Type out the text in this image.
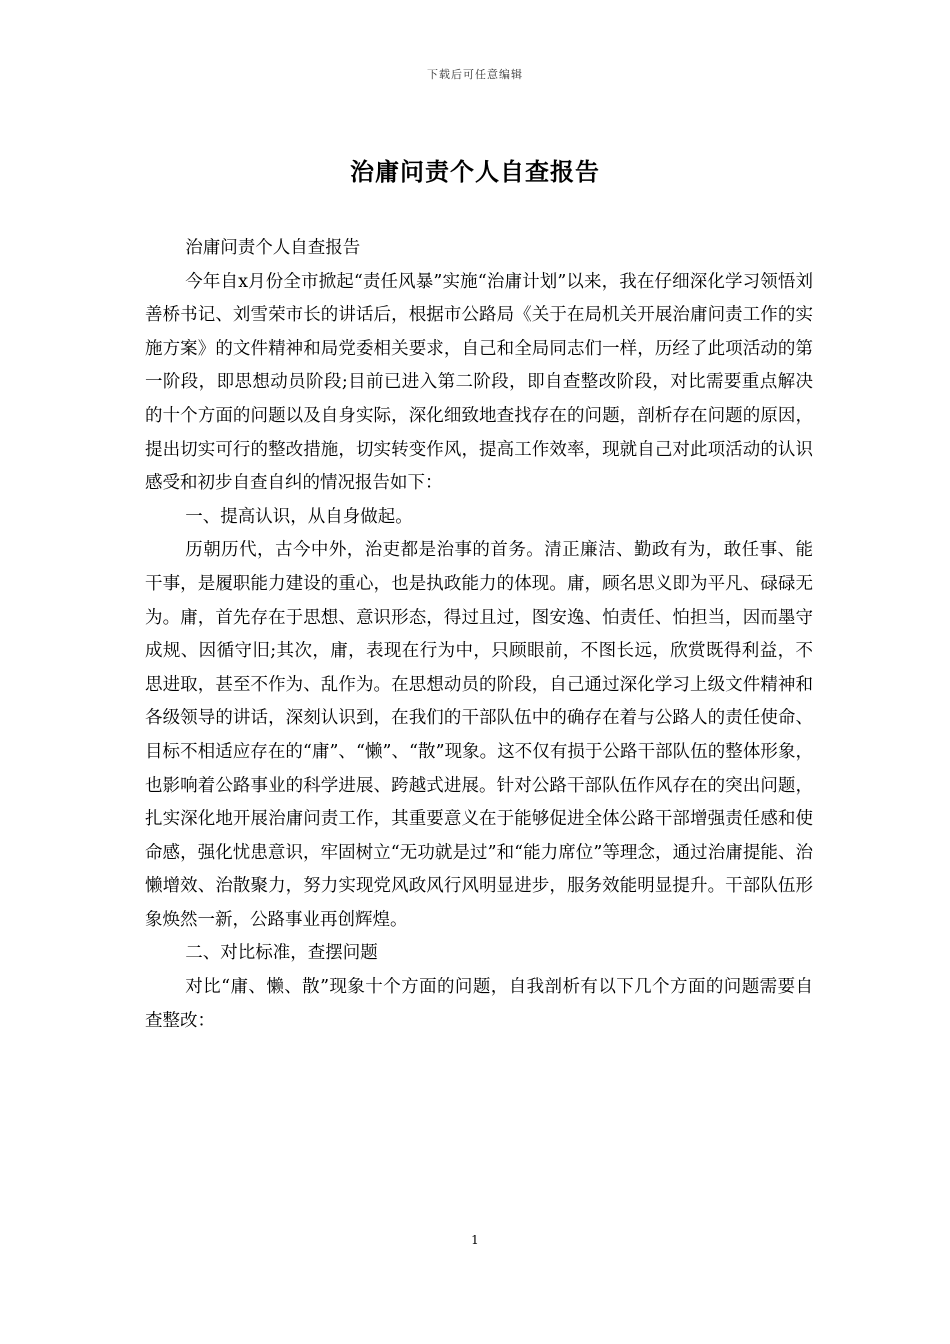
下载后可任意编辑
治庸问责个人自查报告

治庸问责个人自查报告

今年自x月份全市掀起“责任风暴”实施“治庸计划”以来，我在仔细深化学习领悟刘善桥书记、刘雪荣市长的讲话后，根据市公路局《关于在局机关开展治庸问责工作的实施方案》的文件精神和局党委相关要求，自己和全局同志们一样，历经了此项活动的第一阶段，即思想动员阶段;目前已进入第二阶段，即自查整改阶段，对比需要重点解决的十个方面的问题以及自身实际，深化细致地查找存在的问题，剖析存在问题的原因，提出切实可行的整改措施，切实转变作风，提高工作效率，现就自己对此项活动的认识感受和初步自查自纠的情况报告如下：

一、提高认识，从自身做起。

历朝历代，古今中外，治吏都是治事的首务。清正廉洁、勤政有为，敢任事、能干事，是履职能力建设的重心，也是执政能力的体现。庸，顾名思义即为平凡、碌碌无为。庸，首先存在于思想、意识形态，得过且过，图安逸、怕责任、怕担当，因而墨守成规、因循守旧;其次，庸，表现在行为中，只顾眼前，不图长远，欣赏既得利益，不思进取，甚至不作为、乱作为。在思想动员的阶段，自己通过深化学习上级文件精神和各级领导的讲话，深刻认识到，在我们的干部队伍中的确存在着与公路人的责任使命、目标不相适应存在的“庸”、“懒”、“散”现象。这不仅有损于公路干部队伍的整体形象，也影响着公路事业的科学进展、跨越式进展。针对公路干部队伍作风存在的突出问题，扎实深化地开展治庸问责工作，其重要意义在于能够促进全体公路干部增强责任感和使命感，强化忧患意识，牢固树立“无功就是过”和“能力席位”等理念，通过治庸提能、治懒增效、治散聚力，努力实现党风政风行风明显进步，服务效能明显提升。干部队伍形象焕然一新，公路事业再创辉煌。

二、对比标准，查摆问题

对比“庸、懒、散”现象十个方面的问题，自我剖析有以下几个方面的问题需要自查整改：

1
